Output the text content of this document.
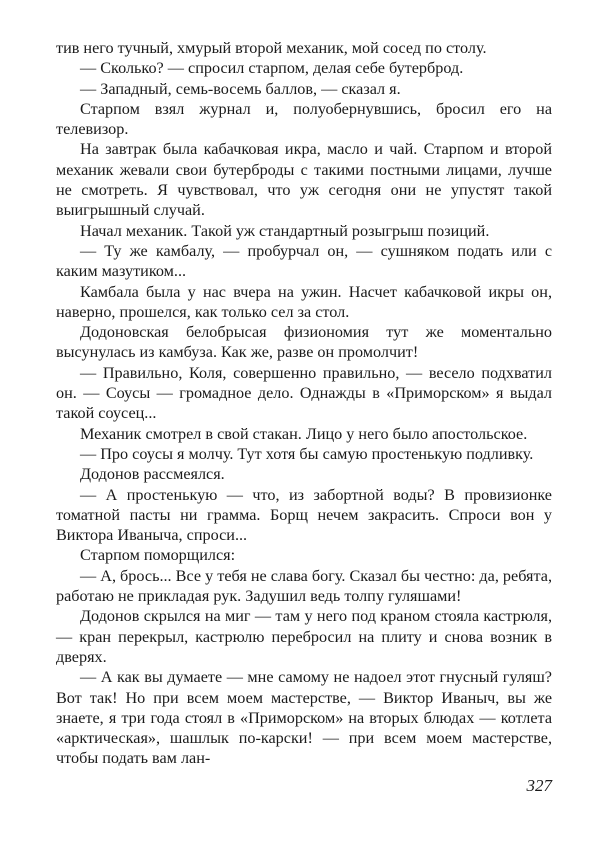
тив него тучный, хмурый второй механик, мой сосед по столу.

— Сколько? — спросил старпом, делая себе бутерброд.

— Западный, семь-восемь баллов, — сказал я.

Старпом взял журнал и, полуобернувшись, бросил его на телевизор.

На завтрак была кабачковая икра, масло и чай. Старпом и второй механик жевали свои бутерброды с такими постными лицами, лучше не смотреть. Я чувствовал, что уж сегодня они не упустят такой выигрышный случай.

Начал механик. Такой уж стандартный розыгрыш позиций.

— Ту же камбалу, — пробурчал он, — сушняком подать или с каким мазутиком...

Камбала была у нас вчера на ужин. Насчет кабачковой икры он, наверно, прошелся, как только сел за стол.

Додоновская белобрысая физиономия тут же моментально высунулась из камбуза. Как же, разве он промолчит!

— Правильно, Коля, совершенно правильно, — весело подхватил он. — Соусы — громадное дело. Однажды в «Приморском» я выдал такой соусец...

Механик смотрел в свой стакан. Лицо у него было апостольское.

— Про соусы я молчу. Тут хотя бы самую простенькую подливку.

Додонов рассмеялся.

— А простенькую — что, из забортной воды? В провизионке томатной пасты ни грамма. Борщ нечем закрасить. Спроси вон у Виктора Иваныча, спроси...

Старпом поморщился:

— А, брось... Все у тебя не слава богу. Сказал бы честно: да, ребята, работаю не прикладая рук. Задушил ведь толпу гуляшами!

Додонов скрылся на миг — там у него под краном стояла кастрюля, — кран перекрыл, кастрюлю перебросил на плиту и снова возник в дверях.

— А как вы думаете — мне самому не надоел этот гнусный гуляш? Вот так! Но при всем моем мастерстве, — Виктор Иваныч, вы же знаете, я три года стоял в «Приморском» на вторых блюдах — котлета «арктическая», шашлык по-карски! — при всем моем мастерстве, чтобы подать вам лан-

327
